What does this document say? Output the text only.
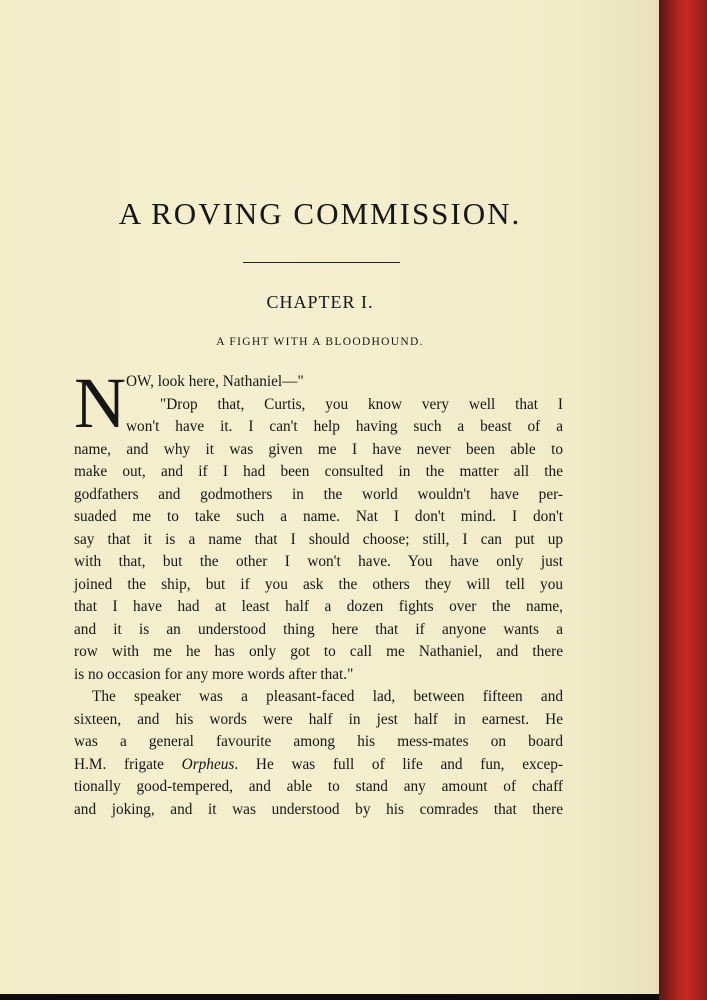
A ROVING COMMISSION.
CHAPTER I.
A FIGHT WITH A BLOODHOUND.
N OW, look here, Nathaniel—"
"Drop that, Curtis, you know very well that I
won't have it. I can't help having such a beast of a
name, and why it was given me I have never been able to
make out, and if I had been consulted in the matter all the
godfathers and godmothers in the world wouldn't have per-
suaded me to take such a name. Nat I don't mind. I don't
say that it is a name that I should choose; still, I can put up
with that, but the other I won't have. You have only just
joined the ship, but if you ask the others they will tell you
that I have had at least half a dozen fights over the name,
and it is an understood thing here that if anyone wants a
row with me he has only got to call me Nathaniel, and there
is no occasion for any more words after that."
The speaker was a pleasant-faced lad, between fifteen and
sixteen, and his words were half in jest half in earnest. He
was a general favourite among his mess-mates on board
H.M. frigate Orpheus. He was full of life and fun, excep-
tionally good-tempered, and able to stand any amount of chaff
and joking, and it was understood by his comrades that there
